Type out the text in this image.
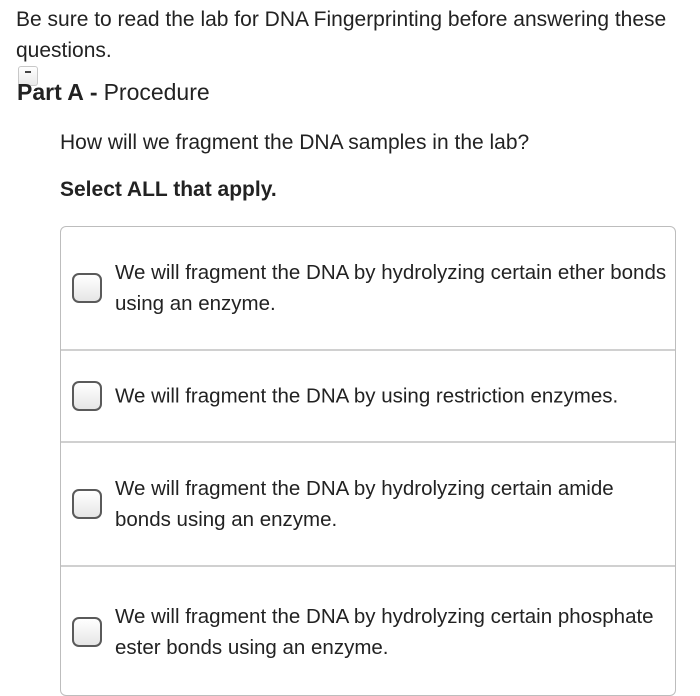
Be sure to read the lab for DNA Fingerprinting before answering these questions.
Part A - Procedure
How will we fragment the DNA samples in the lab?
Select ALL that apply.
We will fragment the DNA by hydrolyzing certain ether bonds using an enzyme.
We will fragment the DNA by using restriction enzymes.
We will fragment the DNA by hydrolyzing certain amide bonds using an enzyme.
We will fragment the DNA by hydrolyzing certain phosphate ester bonds using an enzyme.
